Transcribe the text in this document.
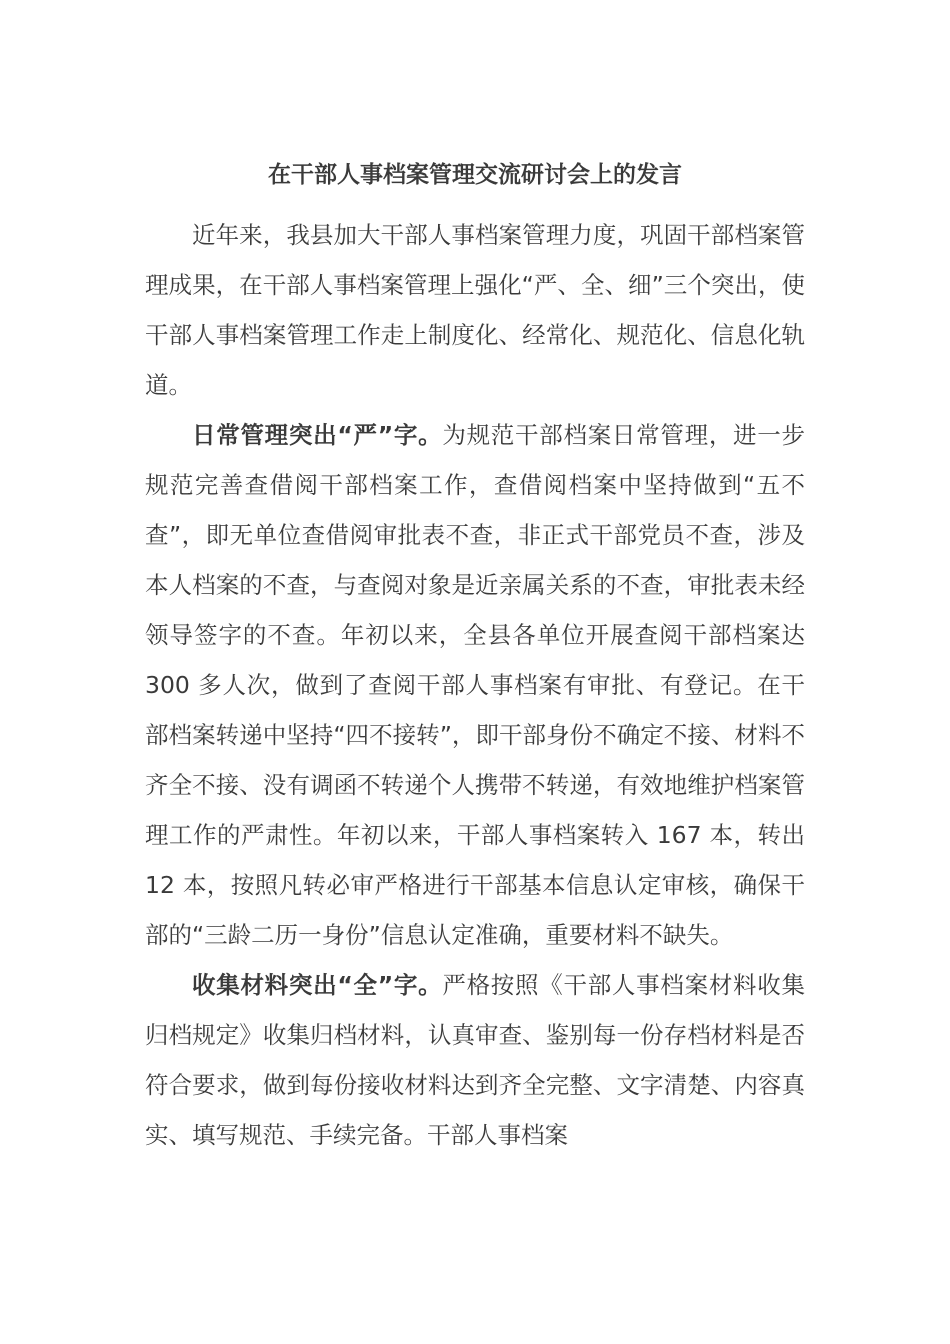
在干部人事档案管理交流研讨会上的发言

近年来，我县加大干部人事档案管理力度，巩固干部档案管理成果，在干部人事档案管理上强化“严、全、细”三个突出，使干部人事档案管理工作走上制度化、经常化、规范化、信息化轨道。

日常管理突出“严”字。为规范干部档案日常管理，进一步规范完善查借阅干部档案工作，查借阅档案中坚持做到“五不查”，即无单位查借阅审批表不查，非正式干部党员不查，涉及本人档案的不查，与查阅对象是近亲属关系的不查，审批表未经领导签字的不查。年初以来，全县各单位开展查阅干部档案达 300 多人次，做到了查阅干部人事档案有审批、有登记。在干部档案转递中坚持“四不接转”，即干部身份不确定不接、材料不齐全不接、没有调函不转递个人携带不转递，有效地维护档案管理工作的严肃性。年初以来，干部人事档案转入 167 本，转出 12 本，按照凡转必审严格进行干部基本信息认定审核，确保干部的“三龄二历一身份”信息认定准确，重要材料不缺失。

收集材料突出“全”字。严格按照《干部人事档案材料收集归档规定》收集归档材料，认真审查、鉴别每一份存档材料是否符合要求，做到每份接收材料达到齐全完整、文字清楚、内容真实、填写规范、手续完备。干部人事档案
